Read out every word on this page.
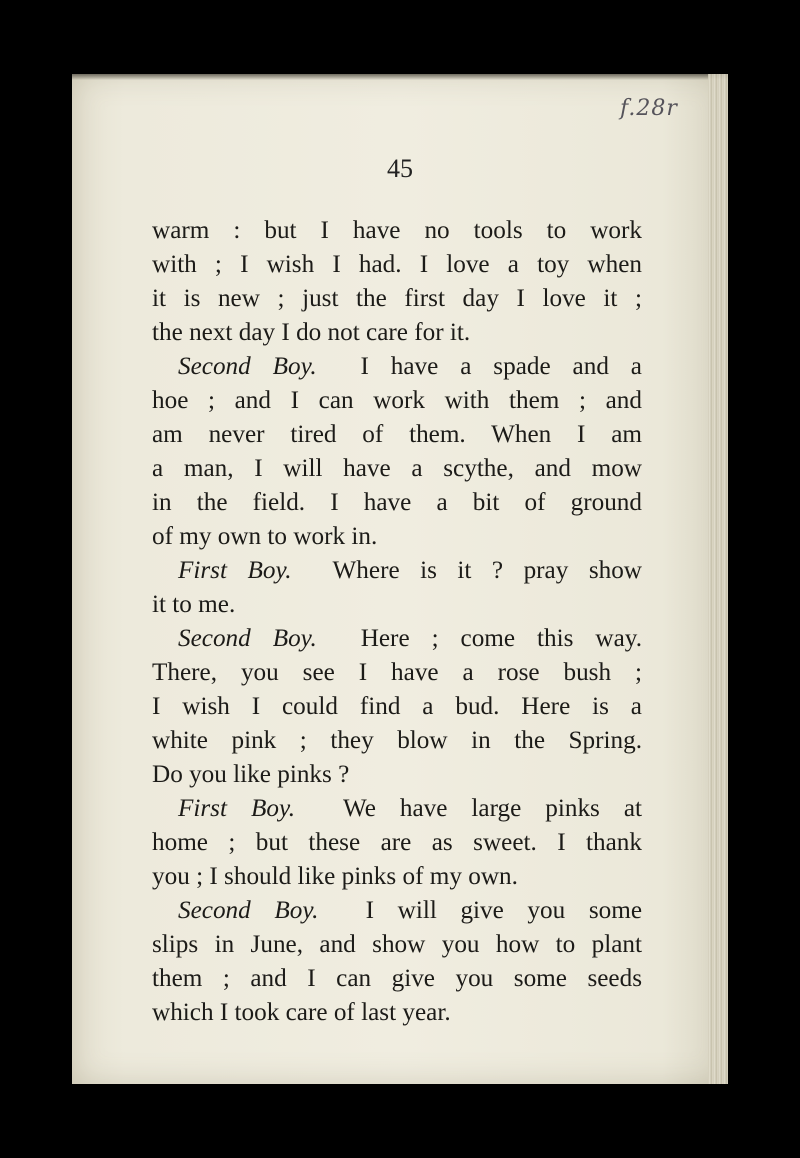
f.28r
45
warm : but I have no tools to work
with ; I wish I had. I love a toy when
it is new ; just the first day I love it ;
the next day I do not care for it.
Second Boy. I have a spade and a
hoe ; and I can work with them ; and
am never tired of them. When I am
a man, I will have a scythe, and mow
in the field. I have a bit of ground
of my own to work in.
First Boy. Where is it ? pray show
it to me.
Second Boy. Here ; come this way.
There, you see I have a rose bush ;
I wish I could find a bud. Here is a
white pink ; they blow in the Spring.
Do you like pinks ?
First Boy. We have large pinks at
home ; but these are as sweet. I thank
you ; I should like pinks of my own.
Second Boy. I will give you some
slips in June, and show you how to plant
them ; and I can give you some seeds
which I took care of last year.
